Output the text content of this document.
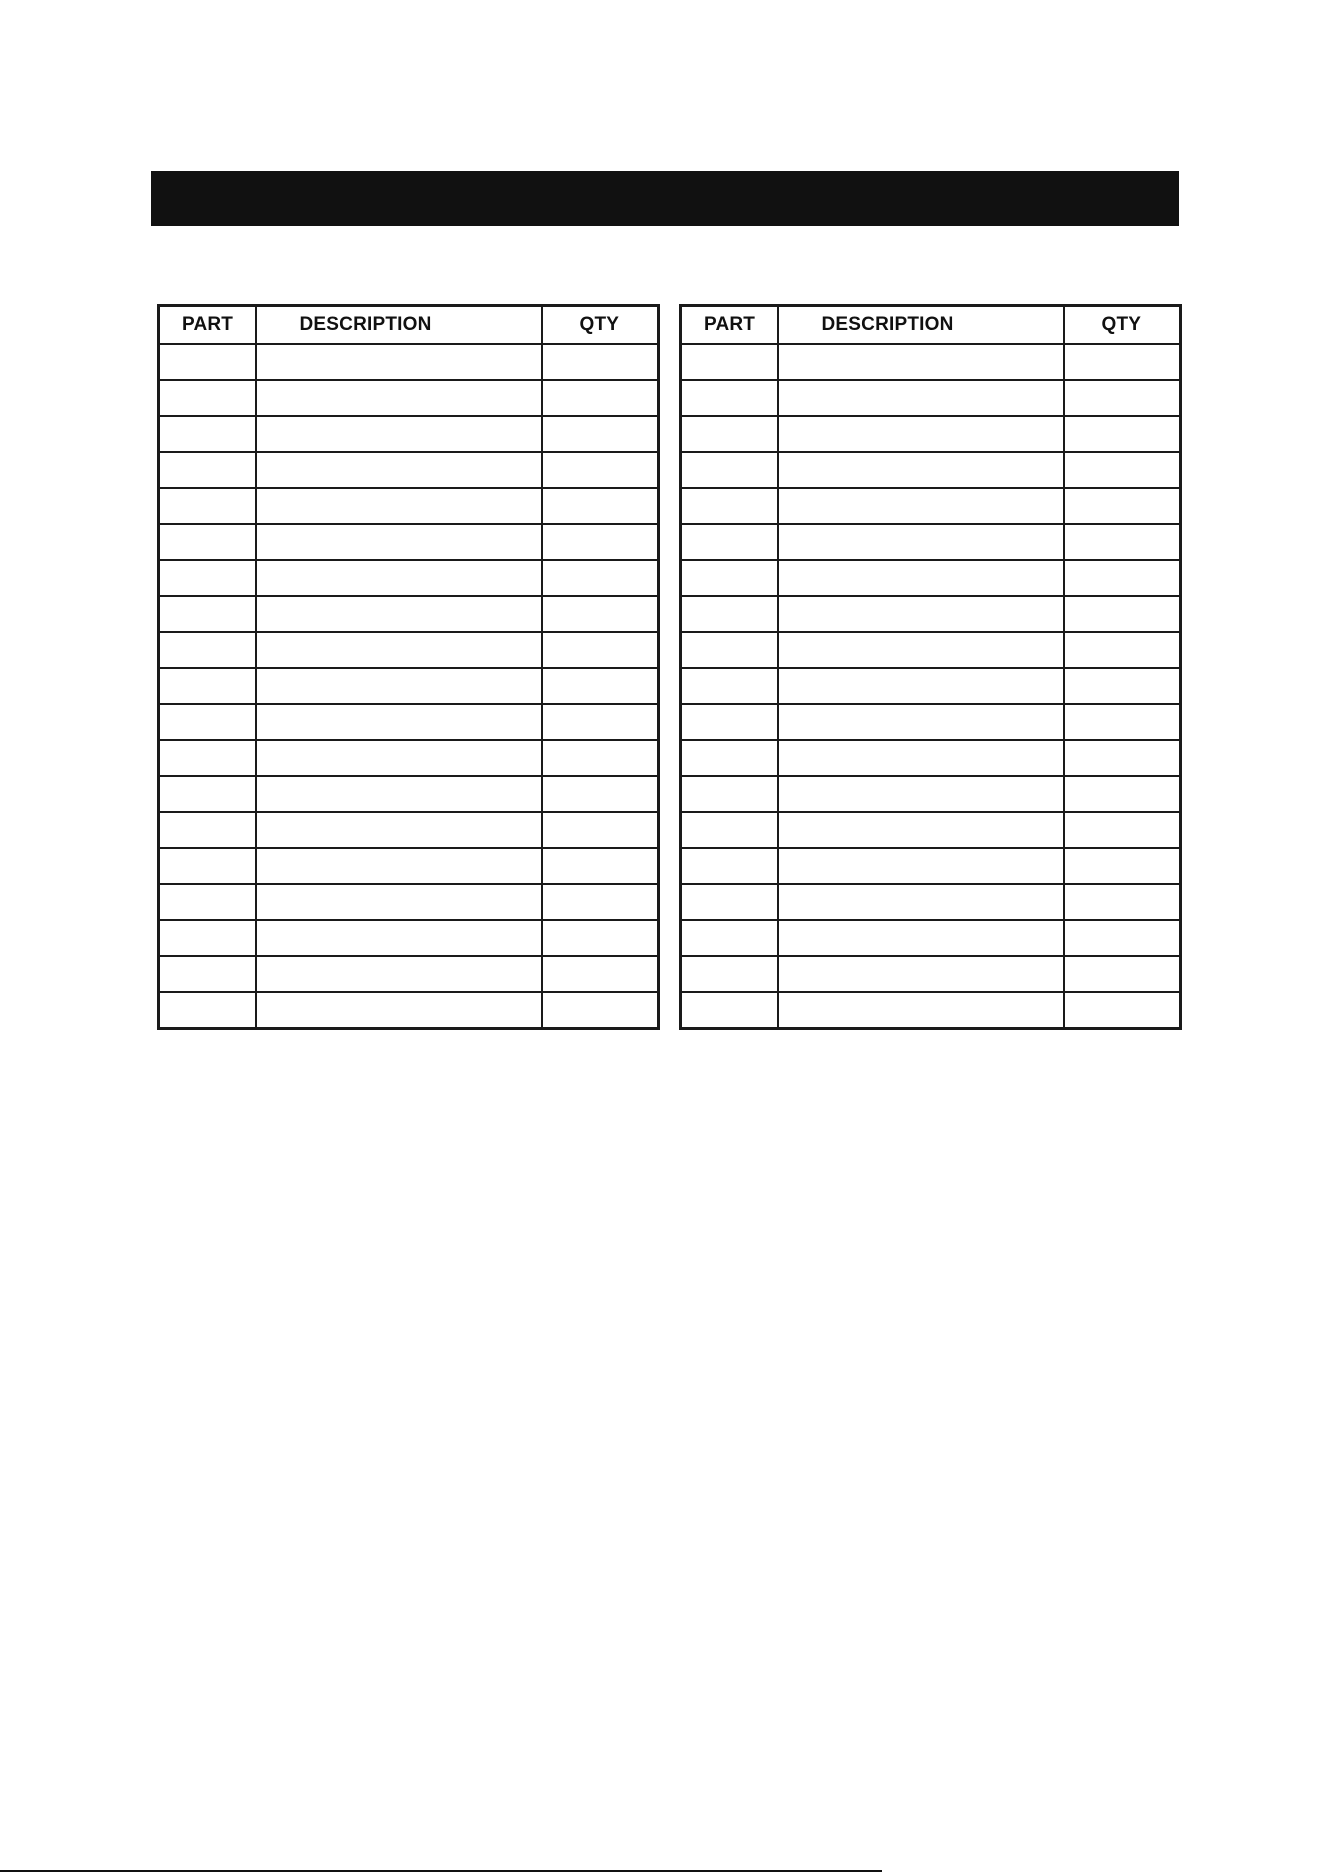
PART	DESCRIPTION	QTY

			PART	DESCRIPTION	QTY
